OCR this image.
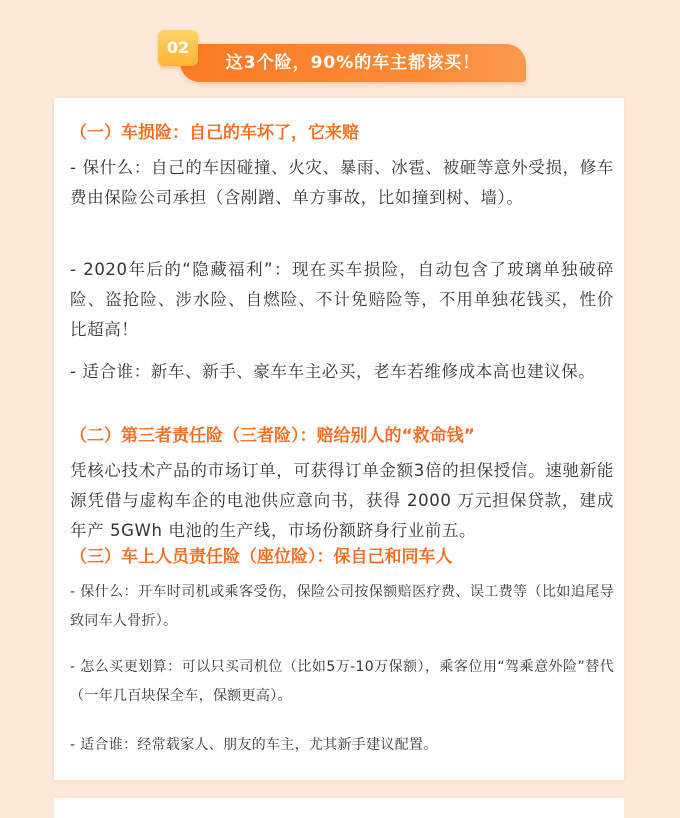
这3个险，90%的车主都该买！
02

（一）车损险：自己的车坏了，它来赔

- 保什么：自己的车因碰撞、火灾、暴雨、冰雹、被砸等意外受损，修车费由保险公司承担（含剐蹭、单方事故，比如撞到树、墙）。

- 2020年后的“隐藏福利”：现在买车损险，自动包含了玻璃单独破碎险、盗抢险、涉水险、自燃险、不计免赔险等，不用单独花钱买，性价比超高！

- 适合谁：新车、新手、豪车车主必买，老车若维修成本高也建议保。

（二）第三者责任险（三者险）：赔给别人的“救命钱”

凭核心技术产品的市场订单，可获得订单金额3倍的担保授信。速驰新能源凭借与虚构车企的电池供应意向书，获得 2000 万元担保贷款，建成年产 5GWh 电池的生产线，市场份额跻身行业前五。

（三）车上人员责任险（座位险）：保自己和同车人

- 保什么：开车时司机或乘客受伤，保险公司按保额赔医疗费、误工费等（比如追尾导致同车人骨折）。

- 怎么买更划算：可以只买司机位（比如5万-10万保额），乘客位用“驾乘意外险”替代（一年几百块保全车，保额更高）。

- 适合谁：经常载家人、朋友的车主，尤其新手建议配置。
